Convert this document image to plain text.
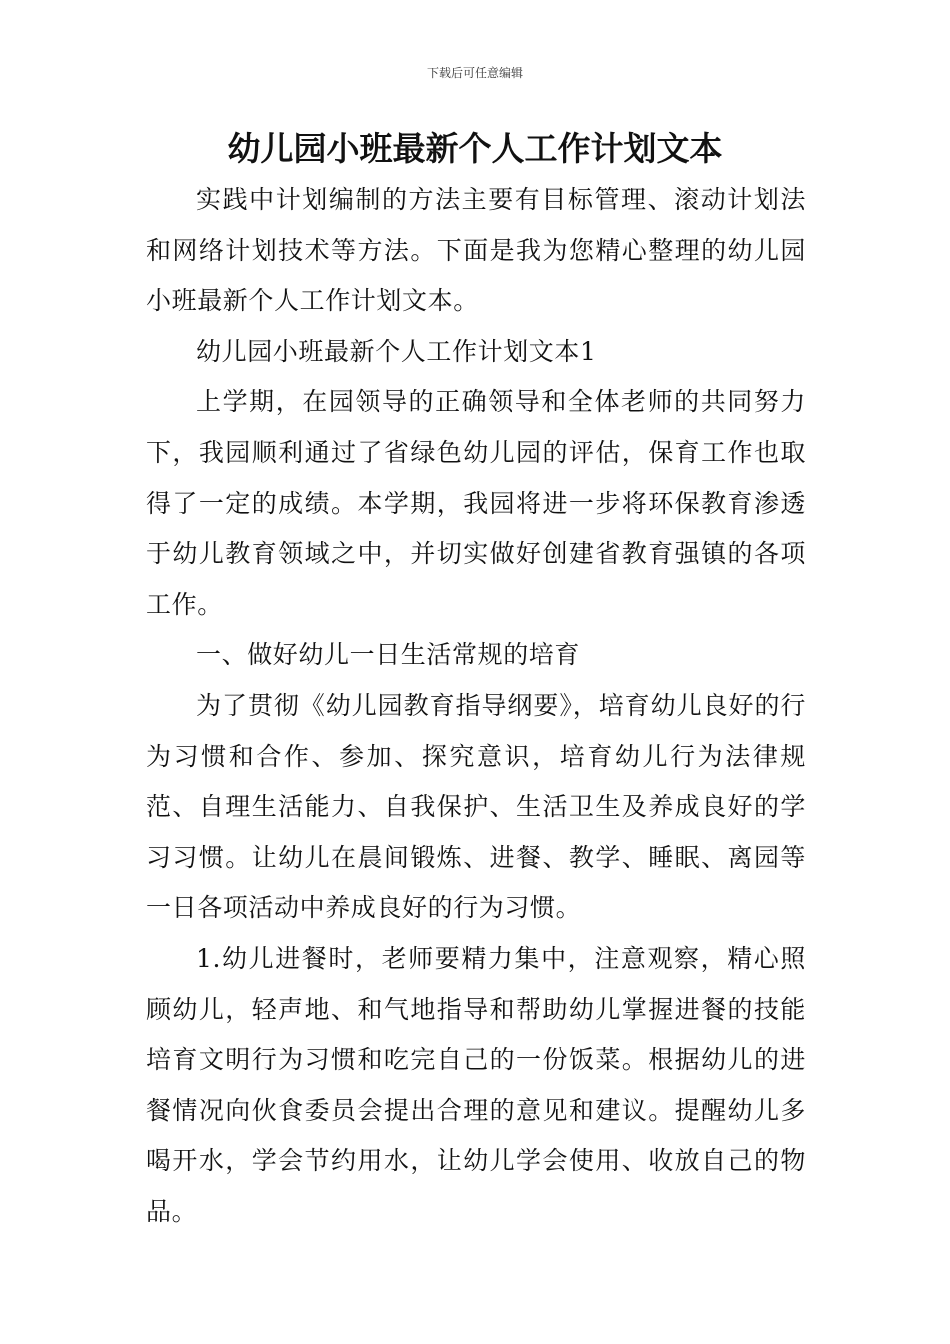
下载后可任意编辑
幼儿园小班最新个人工作计划文本

实践中计划编制的方法主要有目标管理、滚动计划法和网络计划技术等方法。下面是我为您精心整理的幼儿园小班最新个人工作计划文本。

幼儿园小班最新个人工作计划文本1

上学期，在园领导的正确领导和全体老师的共同努力下，我园顺利通过了省绿色幼儿园的评估，保育工作也取得了一定的成绩。本学期，我园将进一步将环保教育渗透于幼儿教育领域之中，并切实做好创建省教育强镇的各项工作。

一、做好幼儿一日生活常规的培育

为了贯彻《幼儿园教育指导纲要》，培育幼儿良好的行为习惯和合作、参加、探究意识，培育幼儿行为法律规范、自理生活能力、自我保护、生活卫生及养成良好的学习习惯。让幼儿在晨间锻炼、进餐、教学、睡眠、离园等一日各项活动中养成良好的行为习惯。

1.幼儿进餐时，老师要精力集中，注意观察，精心照顾幼儿，轻声地、和气地指导和帮助幼儿掌握进餐的技能培育文明行为习惯和吃完自己的一份饭菜。根据幼儿的进餐情况向伙食委员会提出合理的意见和建议。提醒幼儿多喝开水，学会节约用水，让幼儿学会使用、收放自己的物品。
